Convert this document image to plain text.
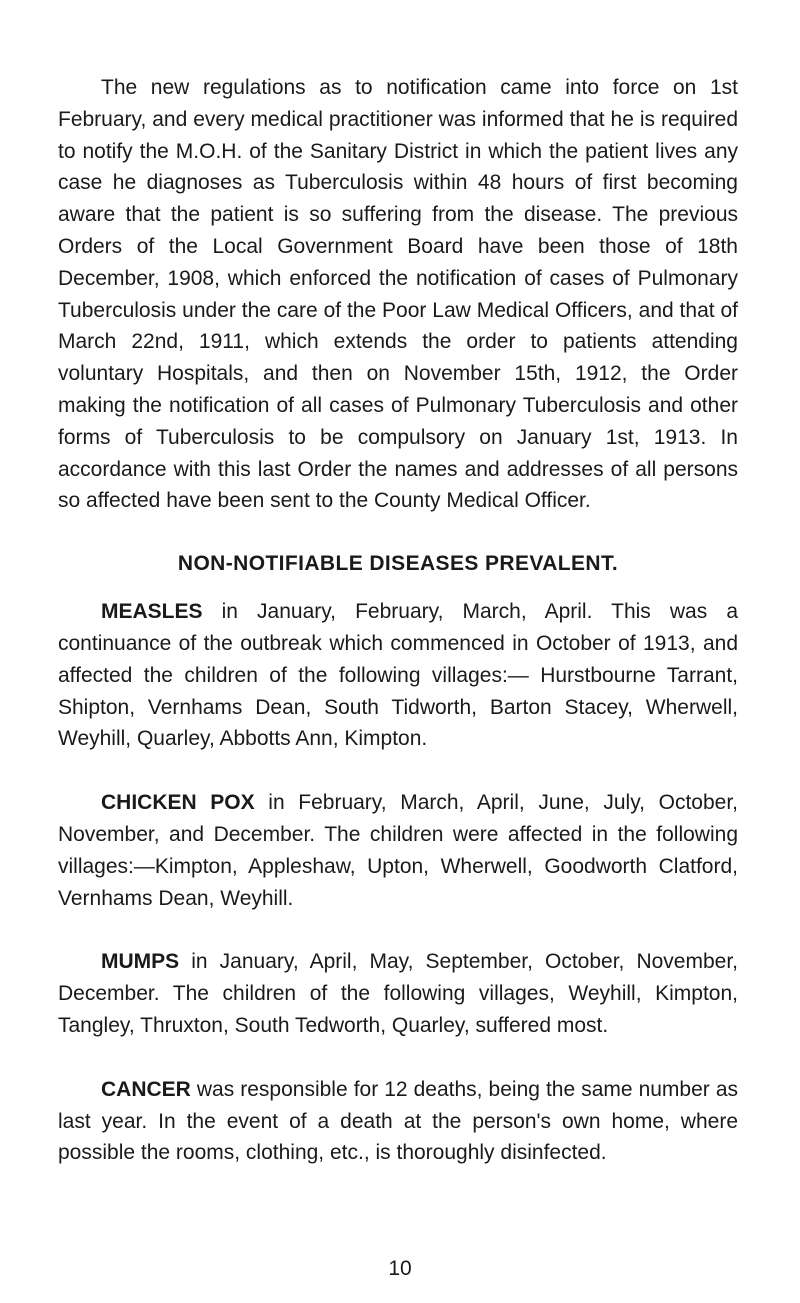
The new regulations as to notification came into force on 1st February, and every medical practitioner was informed that he is required to notify the M.O.H. of the Sanitary District in which the patient lives any case he diagnoses as Tuberculosis within 48 hours of first becoming aware that the patient is so suffering from the disease. The previous Orders of the Local Government Board have been those of 18th December, 1908, which enforced the notification of cases of Pulmonary Tuberculosis under the care of the Poor Law Medical Officers, and that of March 22nd, 1911, which extends the order to patients attending voluntary Hospitals, and then on November 15th, 1912, the Order making the notification of all cases of Pulmonary Tuberculosis and other forms of Tuberculosis to be compulsory on January 1st, 1913. In accordance with this last Order the names and addresses of all persons so affected have been sent to the County Medical Officer.

NON-NOTIFIABLE DISEASES PREVALENT.

MEASLES in January, February, March, April. This was a continuance of the outbreak which commenced in October of 1913, and affected the children of the following villages:— Hurstbourne Tarrant, Shipton, Vernhams Dean, South Tidworth, Barton Stacey, Wherwell, Weyhill, Quarley, Abbotts Ann, Kimpton.

CHICKEN POX in February, March, April, June, July, October, November, and December. The children were affected in the following villages:—Kimpton, Appleshaw, Upton, Wherwell, Goodworth Clatford, Vernhams Dean, Weyhill.

MUMPS in January, April, May, September, October, November, December. The children of the following villages, Weyhill, Kimpton, Tangley, Thruxton, South Tedworth, Quarley, suffered most.

CANCER was responsible for 12 deaths, being the same number as last year. In the event of a death at the person's own home, where possible the rooms, clothing, etc., is thoroughly disinfected.

10
